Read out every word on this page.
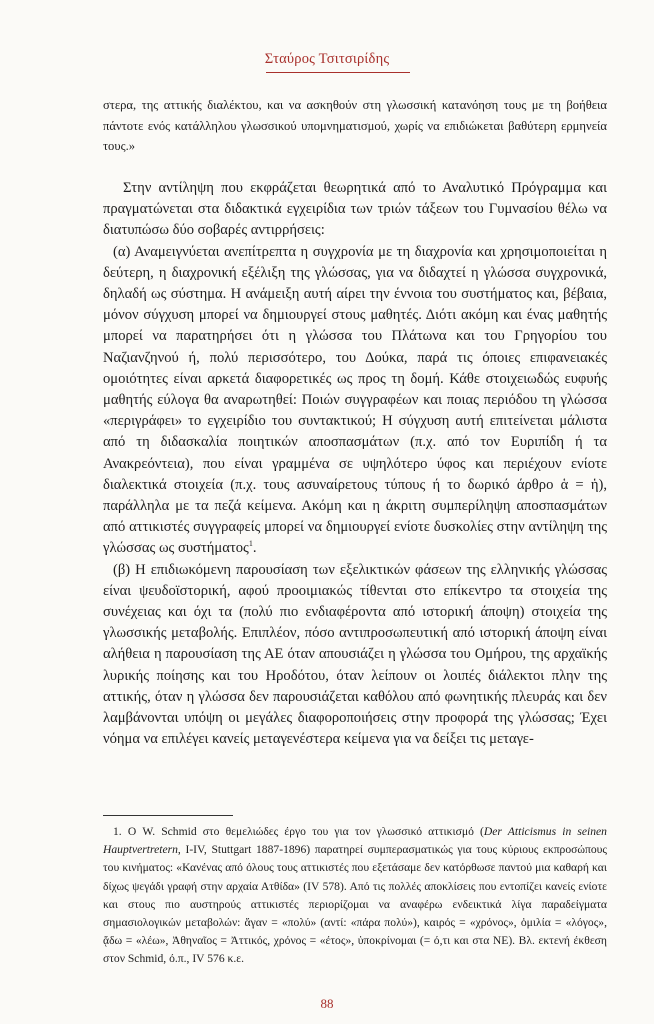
Σταύρος Τσιτσιρίδης

στερα, της αττικής διαλέκτου, και να ασκηθούν στη γλωσσική κατανόηση τους με τη βοήθεια πάντοτε ενός κατάλληλου γλωσσικού υπομνηματισμού, χωρίς να επιδιώκεται βαθύτερη ερμηνεία τους.»

Στην αντίληψη που εκφράζεται θεωρητικά από το Αναλυτικό Πρόγραμμα και πραγματώνεται στα διδακτικά εγχειρίδια των τριών τάξεων του Γυμνασίου θέλω να διατυπώσω δύο σοβαρές αντιρρήσεις:

(α) Αναμειγνύεται ανεπίτρεπτα η συγχρονία με τη διαχρονία και χρησιμοποιείται η δεύτερη, η διαχρονική εξέλιξη της γλώσσας, για να διδαχτεί η γλώσσα συγχρονικά, δηλαδή ως σύστημα. Η ανάμειξη αυτή αίρει την έννοια του συστήματος και, βέβαια, μόνον σύγχυση μπορεί να δημιουργεί στους μαθητές. Διότι ακόμη και ένας μαθητής μπορεί να παρατηρήσει ότι η γλώσσα του Πλάτωνα και του Γρηγορίου του Ναζιανζηνού ή, πολύ περισσότερο, του Δούκα, παρά τις όποιες επιφανειακές ομοιότητες είναι αρκετά διαφορετικές ως προς τη δομή. Κάθε στοιχειωδώς ευφυής μαθητής εύλογα θα αναρωτηθεί: Ποιών συγγραφέων και ποιας περιόδου τη γλώσσα «περιγράφει» το εγχειρίδιο του συντακτικού; Η σύγχυση αυτή επιτείνεται μάλιστα από τη διδασκαλία ποιητικών αποσπασμάτων (π.χ. από τον Ευριπίδη ή τα Ανακρεόντεια), που είναι γραμμένα σε υψηλότερο ύφος και περιέχουν ενίοτε διαλεκτικά στοιχεία (π.χ. τους ασυναίρετους τύπους ή το δωρικό άρθρο ἁ = ἡ), παράλληλα με τα πεζά κείμενα. Ακόμη και η άκριτη συμπερίληψη αποσπασμάτων από αττικιστές συγγραφείς μπορεί να δημιουργεί ενίοτε δυσκολίες στην αντίληψη της γλώσσας ως συστήματος$^1$.

(β) Η επιδιωκόμενη παρουσίαση των εξελικτικών φάσεων της ελληνικής γλώσσας είναι ψευδοϊστορική, αφού προοιμιακώς τίθενται στο επίκεντρο τα στοιχεία της συνέχειας και όχι τα (πολύ πιο ενδιαφέροντα από ιστορική άποψη) στοιχεία της γλωσσικής μεταβολής. Επιπλέον, πόσο αντιπροσωπευτική από ιστορική άποψη είναι αλήθεια η παρουσίαση της ΑΕ όταν απουσιάζει η γλώσσα του Ομήρου, της αρχαϊκής λυρικής ποίησης και του Ηροδότου, όταν λείπουν οι λοιπές διάλεκτοι πλην της αττικής, όταν η γλώσσα δεν παρουσιάζεται καθόλου από φωνητικής πλευράς και δεν λαμβάνονται υπόψη οι μεγάλες διαφοροποιήσεις στην προφορά της γλώσσας; Έχει νόημα να επιλέγει κανείς μεταγενέστερα κείμενα για να δείξει τις μεταγε-

1. Ο W. Schmid στο θεμελιώδες έργο του για τον γλωσσικό αττικισμό (Der Atticismus in seinen Hauptvertretern, I-IV, Stuttgart 1887-1896) παρατηρεί συμπερασματικώς για τους κύριους εκπροσώπους του κινήματος: «Κανένας από όλους τους αττικιστές που εξετάσαμε δεν κατόρθωσε παντού μια καθαρή και δίχως ψεγάδι γραφή στην αρχαία Ατθίδα» (IV 578). Από τις πολλές αποκλίσεις που εντοπίζει κανείς ενίοτε και στους πιο αυστηρούς αττικιστές περιορίζομαι να αναφέρω ενδεικτικά λίγα παραδείγματα σημασιολογικών μεταβολών: ἄγαν = «πολύ» (αντί: «πάρα πολύ»), καιρός = «χρόνος», ὁμιλία = «λόγος», ᾄδω = «λέω», Ἀθηναῖος = Ἀττικός, χρόνος = «έτος», ὑποκρίνομαι (= ό,τι και στα ΝΕ). Βλ. εκτενή έκθεση στον Schmid, ό.π., IV 576 κ.ε.

88
